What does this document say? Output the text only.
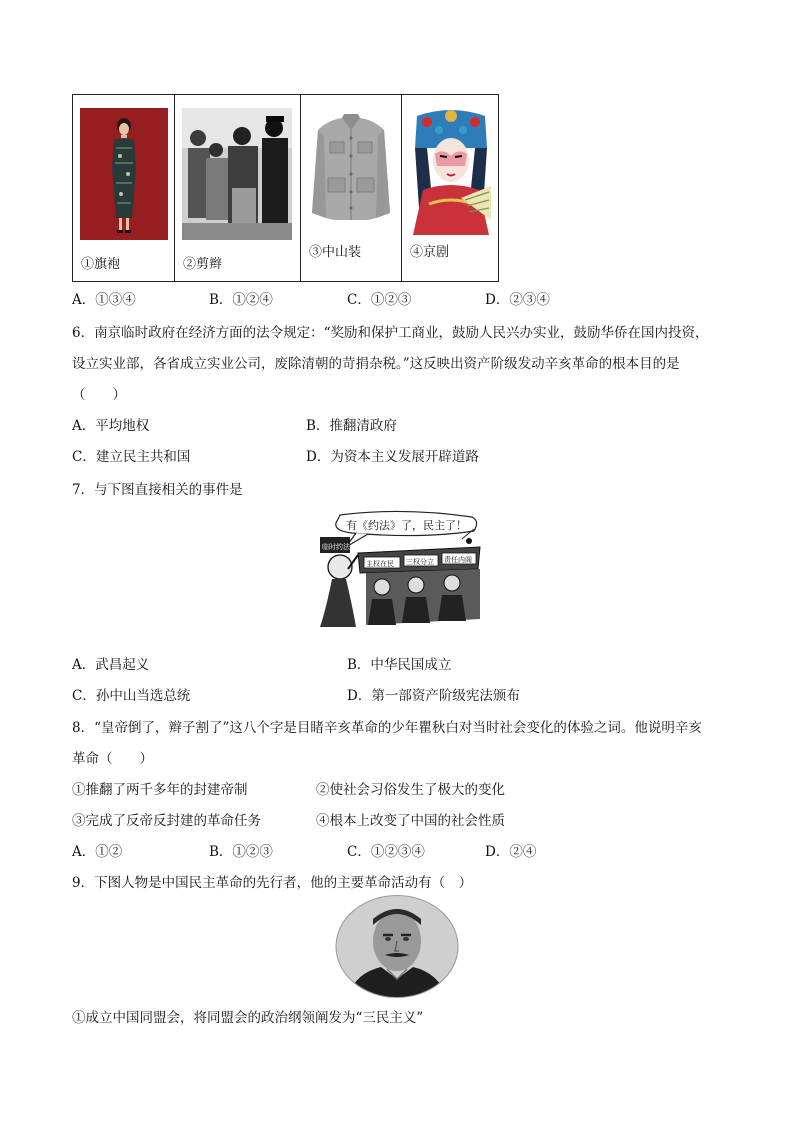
①旗袍	②剪辫
③中山装	④京剧
A．①③④	B．①②④	C．①②③	D．②③④
6．南京临时政府在经济方面的法令规定：“奖励和保护工商业，鼓励人民兴办实业，鼓励华侨在国内投资，
设立实业部，各省成立实业公司，废除清朝的苛捐杂税。”这反映出资产阶级发动辛亥革命的根本目的是
（　　）
A．平均地权	B．推翻清政府
C．建立民主共和国	D．为资本主义发展开辟道路
7．与下图直接相关的事件是
有《约法》了，民主了！
临时约法
主权在民 三权分立 责任内阁
A．武昌起义	B．中华民国成立
C．孙中山当选总统	D．第一部资产阶级宪法颁布
8．“皇帝倒了，辫子割了”这八个字是目睹辛亥革命的少年瞿秋白对当时社会变化的体验之词。他说明辛亥
革命（　　）
①推翻了两千多年的封建帝制	②使社会习俗发生了极大的变化
③完成了反帝反封建的革命任务	④根本上改变了中国的社会性质
A．①②	B．①②③	C．①②③④	D．②④
9．下图人物是中国民主革命的先行者，他的主要革命活动有（　）
①成立中国同盟会，将同盟会的政治纲领阐发为“三民主义”
